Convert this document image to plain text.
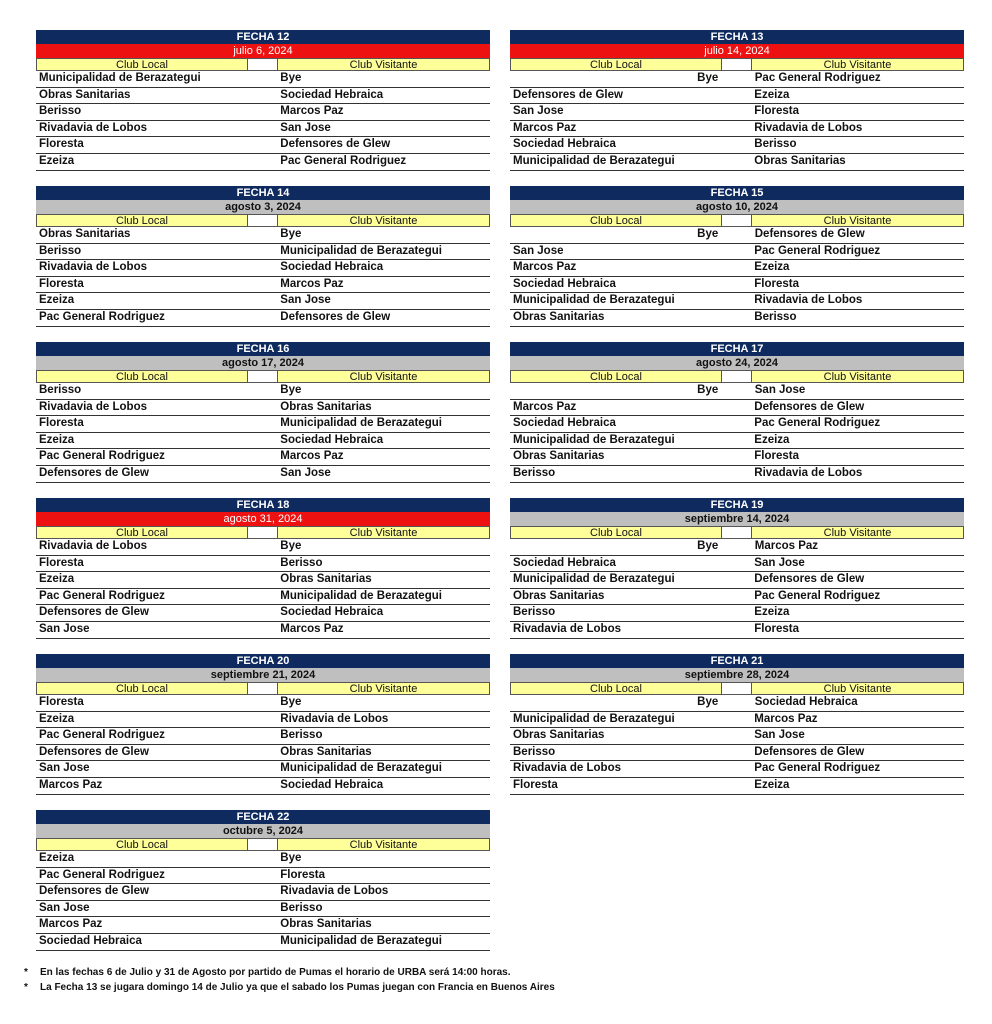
FECHA 12
julio 6, 2024
Club Local	Club Visitante
Municipalidad de Berazategui	Bye
Obras Sanitarias	Sociedad Hebraica
Berisso	Marcos Paz
Rivadavia de Lobos	San Jose
Floresta	Defensores de Glew
Ezeiza	Pac General Rodriguez
FECHA 13
julio 14, 2024
Club Local	Club Visitante
Bye	Pac General Rodriguez
Defensores de Glew	Ezeiza
San Jose	Floresta
Marcos Paz	Rivadavia de Lobos
Sociedad Hebraica	Berisso
Municipalidad de Berazategui	Obras Sanitarias
FECHA 14
agosto 3, 2024
Club Local	Club Visitante
Obras Sanitarias	Bye
Berisso	Municipalidad de Berazategui
Rivadavia de Lobos	Sociedad Hebraica
Floresta	Marcos Paz
Ezeiza	San Jose
Pac General Rodriguez	Defensores de Glew
FECHA 15
agosto 10, 2024
Club Local	Club Visitante
Bye	Defensores de Glew
San Jose	Pac General Rodriguez
Marcos Paz	Ezeiza
Sociedad Hebraica	Floresta
Municipalidad de Berazategui	Rivadavia de Lobos
Obras Sanitarias	Berisso
FECHA 16
agosto 17, 2024
Club Local	Club Visitante
Berisso	Bye
Rivadavia de Lobos	Obras Sanitarias
Floresta	Municipalidad de Berazategui
Ezeiza	Sociedad Hebraica
Pac General Rodriguez	Marcos Paz
Defensores de Glew	San Jose
FECHA 17
agosto 24, 2024
Club Local	Club Visitante
Bye	San Jose
Marcos Paz	Defensores de Glew
Sociedad Hebraica	Pac General Rodriguez
Municipalidad de Berazategui	Ezeiza
Obras Sanitarias	Floresta
Berisso	Rivadavia de Lobos
FECHA 18
agosto 31, 2024
Club Local	Club Visitante
Rivadavia de Lobos	Bye
Floresta	Berisso
Ezeiza	Obras Sanitarias
Pac General Rodriguez	Municipalidad de Berazategui
Defensores de Glew	Sociedad Hebraica
San Jose	Marcos Paz
FECHA 19
septiembre 14, 2024
Club Local	Club Visitante
Bye	Marcos Paz
Sociedad Hebraica	San Jose
Municipalidad de Berazategui	Defensores de Glew
Obras Sanitarias	Pac General Rodriguez
Berisso	Ezeiza
Rivadavia de Lobos	Floresta
FECHA 20
septiembre 21, 2024
Club Local	Club Visitante
Floresta	Bye
Ezeiza	Rivadavia de Lobos
Pac General Rodriguez	Berisso
Defensores de Glew	Obras Sanitarias
San Jose	Municipalidad de Berazategui
Marcos Paz	Sociedad Hebraica
FECHA 21
septiembre 28, 2024
Club Local	Club Visitante
Bye	Sociedad Hebraica
Municipalidad de Berazategui	Marcos Paz
Obras Sanitarias	San Jose
Berisso	Defensores de Glew
Rivadavia de Lobos	Pac General Rodriguez
Floresta	Ezeiza
FECHA 22
octubre 5, 2024
Club Local	Club Visitante
Ezeiza	Bye
Pac General Rodriguez	Floresta
Defensores de Glew	Rivadavia de Lobos
San Jose	Berisso
Marcos Paz	Obras Sanitarias
Sociedad Hebraica	Municipalidad de Berazategui
*	En las fechas 6 de Julio y 31 de Agosto por partido de Pumas el horario de URBA será 14:00 horas.
*	La Fecha 13 se jugara domingo 14 de Julio ya que el sabado los Pumas juegan con Francia en Buenos Aires
